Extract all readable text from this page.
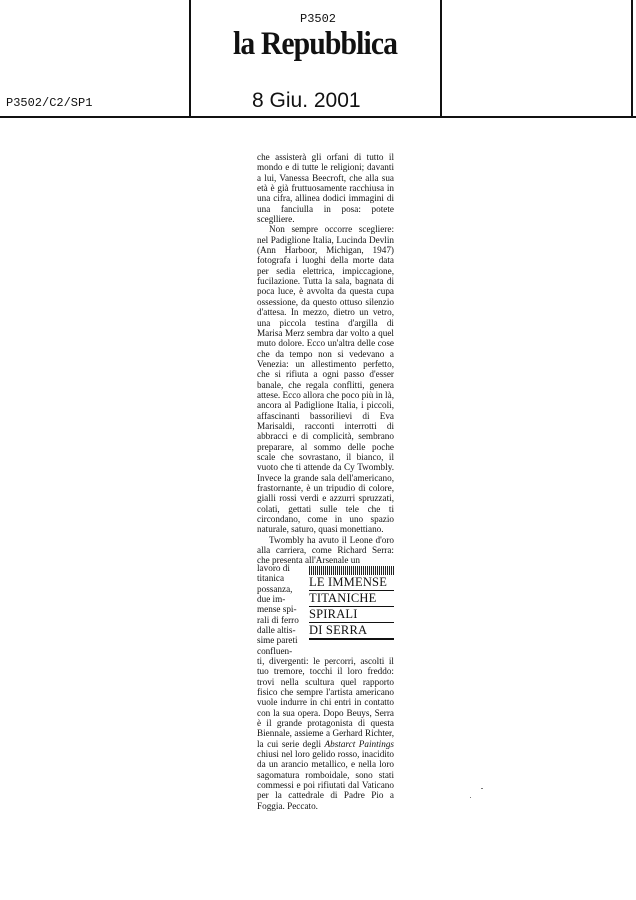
P3502
la Repubblica
P3502/C2/SP1	8 Giu. 2001

che assisterà gli orfani di tutto il mondo e di tutte le religioni; davanti a lui, Vanessa Beecroft, che alla sua età è già fruttuosamente racchiusa in una cifra, allinea dodici immagini di una fanciulla in posa: potete sceglliere.

Non sempre occorre scegliere: nel Padiglione Italia, Lucinda Devlin (Ann Harboor, Michigan, 1947) fotografa i luoghi della morte data per sedia elettrica, impiccagione, fucilazione. Tutta la sala, bagnata di poca luce, è avvolta da questa cupa ossessione, da questo ottuso silenzio d'attesa. In mezzo, dietro un vetro, una piccola testina d'argilla di Marisa Merz sembra dar volto a quel muto dolore. Ecco un'altra delle cose che da tempo non si vedevano a Venezia: un allestimento perfetto, che si rifiuta a ogni passo d'esser banale, che regala conflitti, genera attese. Ecco allora che poco più in là, ancora al Padiglione Italia, i piccoli, affascinanti bassorilievi di Eva Marisaldi, racconti interrotti di abbracci e di complicità, sembrano preparare, al sommo delle poche scale che sovrastano, il bianco, il vuoto che ti attende da Cy Twombly. Invece la grande sala dell'americano, frastornante, è un tripudio di colore, gialli rossi verdi e azzurri spruzzati, colati, gettati sulle tele che ti circondano, come in uno spazio naturale, saturo, quasi monettiano.

Twombly ha avuto il Leone d'oro alla carriera, come Richard Serra: che presenta all'Arsenale un

lavoro di
titanica
possanza,
due im-
mense spi-
rali di ferro
dalle altis-
sime pareti
confluen-
LE IMMENSE
TITANICHE
SPIRALI
DI SERRA

ti, divergenti: le percorri, ascolti il tuo tremore, tocchi il loro freddo: trovi nella scultura quel rapporto fisico che sempre l'artista americano vuole indurre in chi entri in contatto con la sua opera. Dopo Beuys, Serra è il grande protagonista di questa Biennale, assieme a Gerhard Richter, la cui serie degli Abstarct Paintings chiusi nel loro gelido rosso, inacidito da un arancio metallico, e nella loro sagomatura romboidale, sono stati commessi e poi rifiutati dal Vaticano per la cattedrale di Padre Pio a Foggia. Peccato.
